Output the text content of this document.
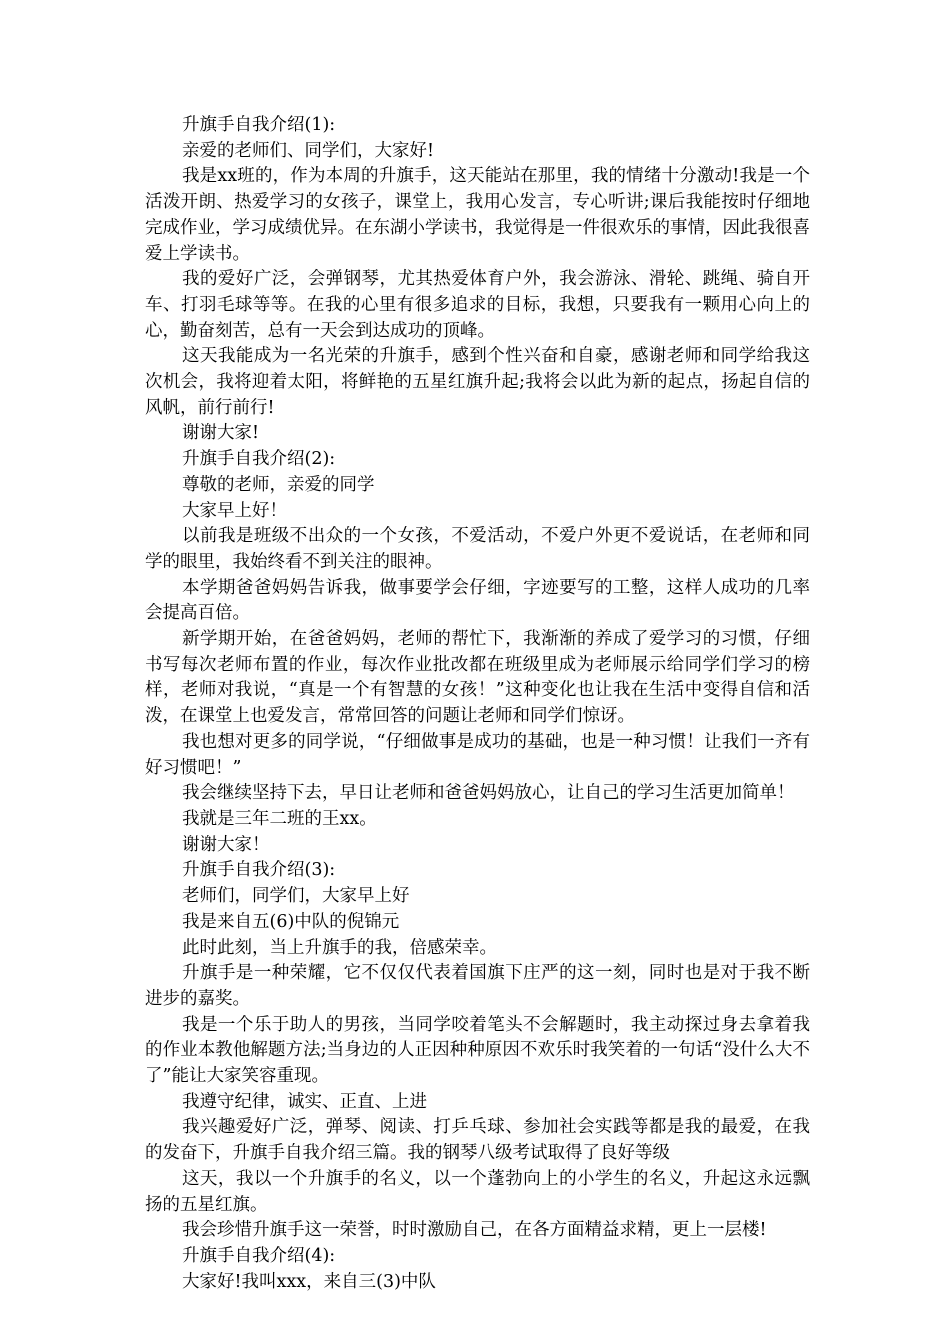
升旗手自我介绍(1):

亲爱的老师们、同学们，大家好!

我是xx班的，作为本周的升旗手，这天能站在那里，我的情绪十分激动!我是一个活泼开朗、热爱学习的女孩子，课堂上，我用心发言，专心听讲;课后我能按时仔细地完成作业，学习成绩优异。在东湖小学读书，我觉得是一件很欢乐的事情，因此我很喜爱上学读书。

我的爱好广泛，会弹钢琴，尤其热爱体育户外，我会游泳、滑轮、跳绳、骑自开车、打羽毛球等等。在我的心里有很多追求的目标，我想，只要我有一颗用心向上的心，勤奋刻苦，总有一天会到达成功的顶峰。

这天我能成为一名光荣的升旗手，感到个性兴奋和自豪，感谢老师和同学给我这次机会，我将迎着太阳，将鲜艳的五星红旗升起;我将会以此为新的起点，扬起自信的风帆，前行前行!

谢谢大家!

升旗手自我介绍(2):

尊敬的老师，亲爱的同学

大家早上好！

以前我是班级不出众的一个女孩，不爱活动，不爱户外更不爱说话，在老师和同学的眼里，我始终看不到关注的眼神。

本学期爸爸妈妈告诉我，做事要学会仔细，字迹要写的工整，这样人成功的几率会提高百倍。

新学期开始，在爸爸妈妈，老师的帮忙下，我渐渐的养成了爱学习的习惯，仔细书写每次老师布置的作业，每次作业批改都在班级里成为老师展示给同学们学习的榜样，老师对我说，“真是一个有智慧的女孩！”这种变化也让我在生活中变得自信和活泼，在课堂上也爱发言，常常回答的问题让老师和同学们惊讶。

我也想对更多的同学说，“仔细做事是成功的基础，也是一种习惯！让我们一齐有好习惯吧！”

我会继续坚持下去，早日让老师和爸爸妈妈放心，让自己的学习生活更加简单！

我就是三年二班的王xx。

谢谢大家！

升旗手自我介绍(3):

老师们，同学们，大家早上好

我是来自五(6)中队的倪锦元

此时此刻，当上升旗手的我，倍感荣幸。

升旗手是一种荣耀，它不仅仅代表着国旗下庄严的这一刻，同时也是对于我不断进步的嘉奖。

我是一个乐于助人的男孩，当同学咬着笔头不会解题时，我主动探过身去拿着我的作业本教他解题方法;当身边的人正因种种原因不欢乐时我笑着的一句话“没什么大不了”能让大家笑容重现。

我遵守纪律，诚实、正直、上进

我兴趣爱好广泛，弹琴、阅读、打乒乓球、参加社会实践等都是我的最爱，在我的发奋下，升旗手自我介绍三篇。我的钢琴八级考试取得了良好等级

这天，我以一个升旗手的名义，以一个蓬勃向上的小学生的名义，升起这永远飘扬的五星红旗。

我会珍惜升旗手这一荣誉，时时激励自己，在各方面精益求精，更上一层楼!

升旗手自我介绍(4):

大家好!我叫xxx，来自三(3)中队
